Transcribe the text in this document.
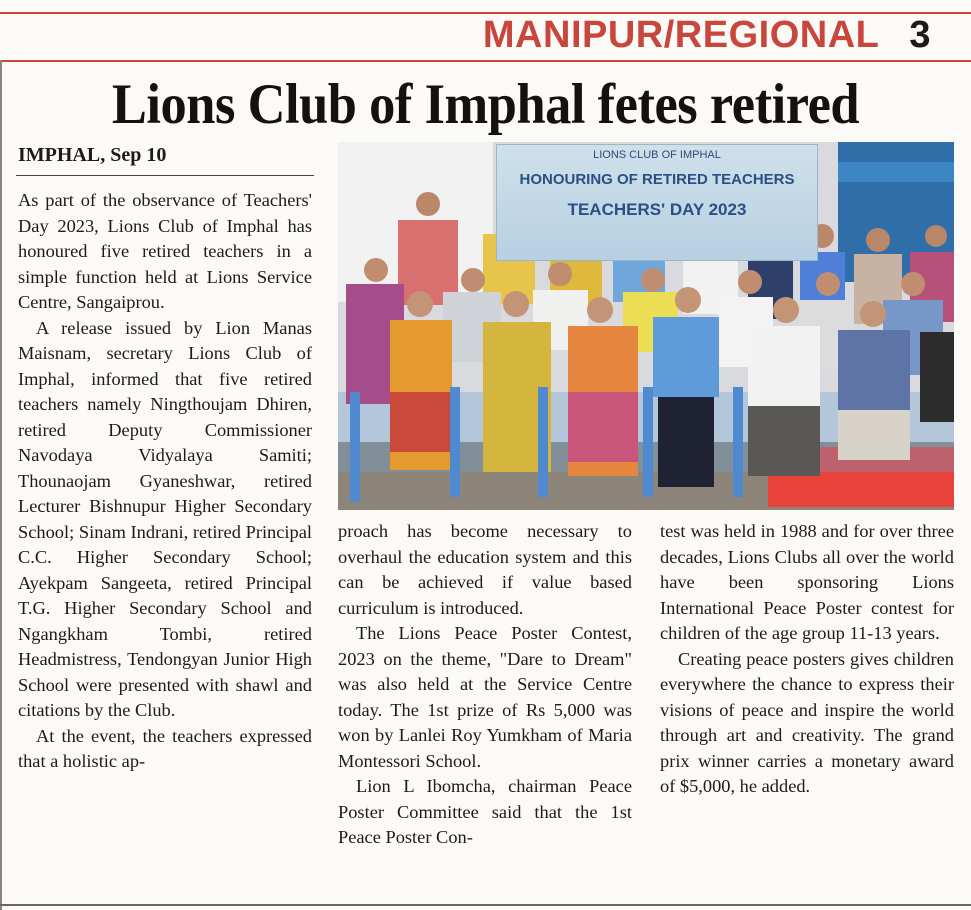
MANIPUR/REGIONAL 3
Lions Club of Imphal fetes retired
IMPHAL, Sep 10

As part of the observance of Teachers' Day 2023, Lions Club of Imphal has honoured five retired teachers in a simple function held at Lions Service Centre, Sangaiprou.

A release issued by Lion Manas Maisnam, secretary Lions Club of Imphal, informed that five retired teachers namely Ningthoujam Dhiren, retired Deputy Commissioner Navodaya Vidyalaya Samiti; Thounaojam Gyaneshwar, retired Lecturer Bishnupur Higher Secondary School; Sinam Indrani, retired Principal C.C. Higher Secondary School; Ayekpam Sangeeta, retired Principal T.G. Higher Secondary School and Ngangkham Tombi, retired Headmistress, Tendongyan Junior High School were presented with shawl and citations by the Club.

At the event, the teachers expressed that a holistic ap-

LIONS CLUB OF IMPHAL
HONOURING OF RETIRED TEACHERS
TEACHERS' DAY 2023

proach has become necessary to overhaul the education system and this can be achieved if value based curriculum is introduced.

The Lions Peace Poster Contest, 2023 on the theme, "Dare to Dream" was also held at the Service Centre today. The 1st prize of Rs 5,000 was won by Lanlei Roy Yumkham of Maria Montessori School.

Lion L Ibomcha, chairman Peace Poster Committee said that the 1st Peace Poster Con-

test was held in 1988 and for over three decades, Lions Clubs all over the world have been sponsoring Lions International Peace Poster contest for children of the age group 11-13 years.

Creating peace posters gives children everywhere the chance to express their visions of peace and inspire the world through art and creativity. The grand prix winner carries a monetary award of $5,000, he added.
